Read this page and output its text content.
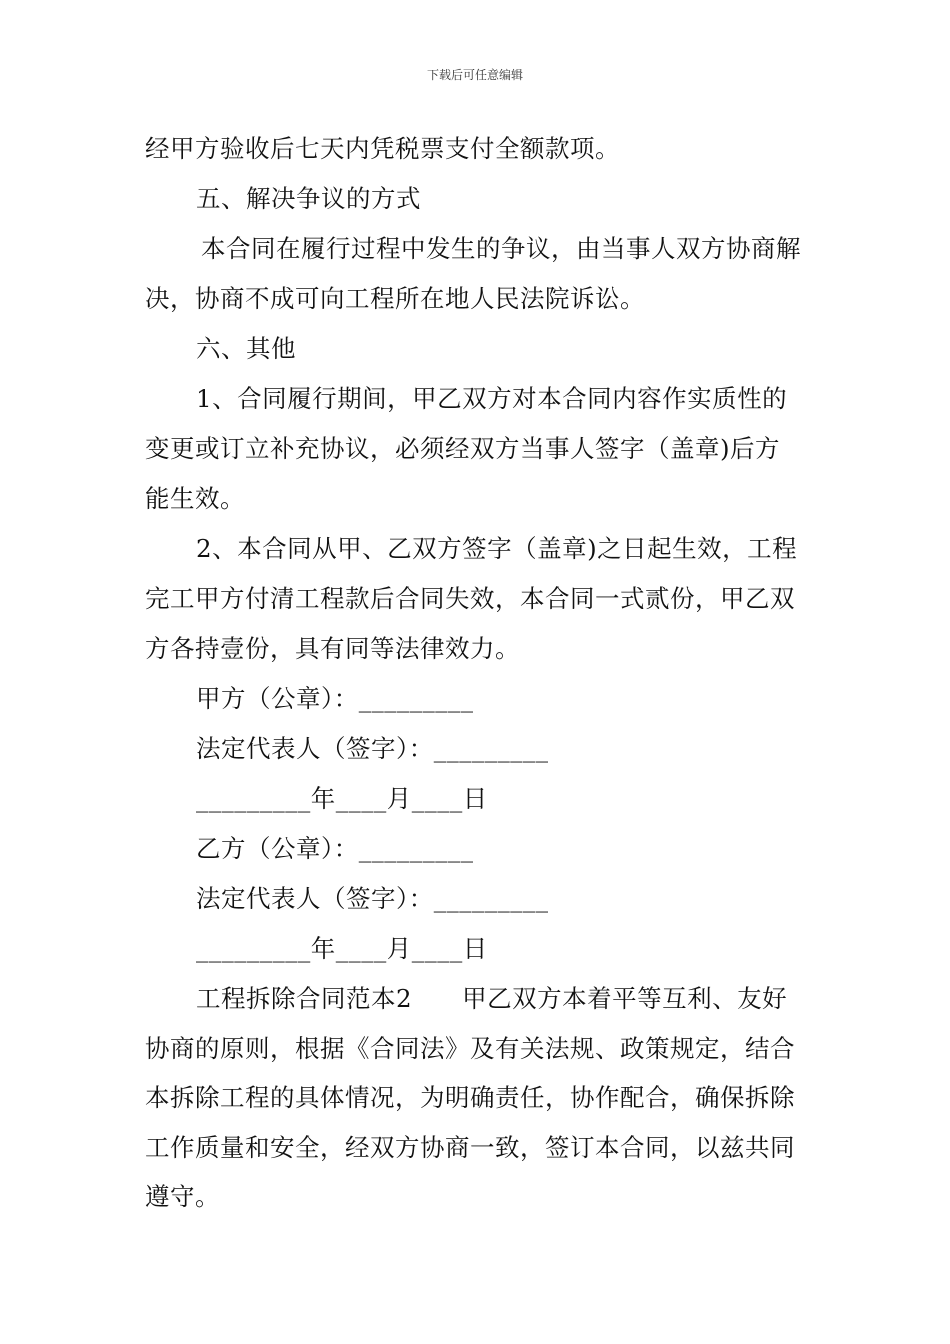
下载后可任意编辑

经甲方验收后七天内凭税票支付全额款项。

五、解决争议的方式

本合同在履行过程中发生的争议，由当事人双方协商解决，协商不成可向工程所在地人民法院诉讼。

六、其他

1、合同履行期间，甲乙双方对本合同内容作实质性的变更或订立补充协议，必须经双方当事人签字（盖章)后方能生效。

2、本合同从甲、乙双方签字（盖章)之日起生效，工程完工甲方付清工程款后合同失效，本合同一式贰份，甲乙双方各持壹份，具有同等法律效力。

甲方（公章）：_________

法定代表人（签字）：_________

_________年____月____日

乙方（公章）：_________

法定代表人（签字）：_________

_________年____月____日

工程拆除合同范本2　　甲乙双方本着平等互利、友好协商的原则，根据《合同法》及有关法规、政策规定，结合本拆除工程的具体情况，为明确责任，协作配合，确保拆除工作质量和安全，经双方协商一致，签订本合同，以兹共同遵守。
